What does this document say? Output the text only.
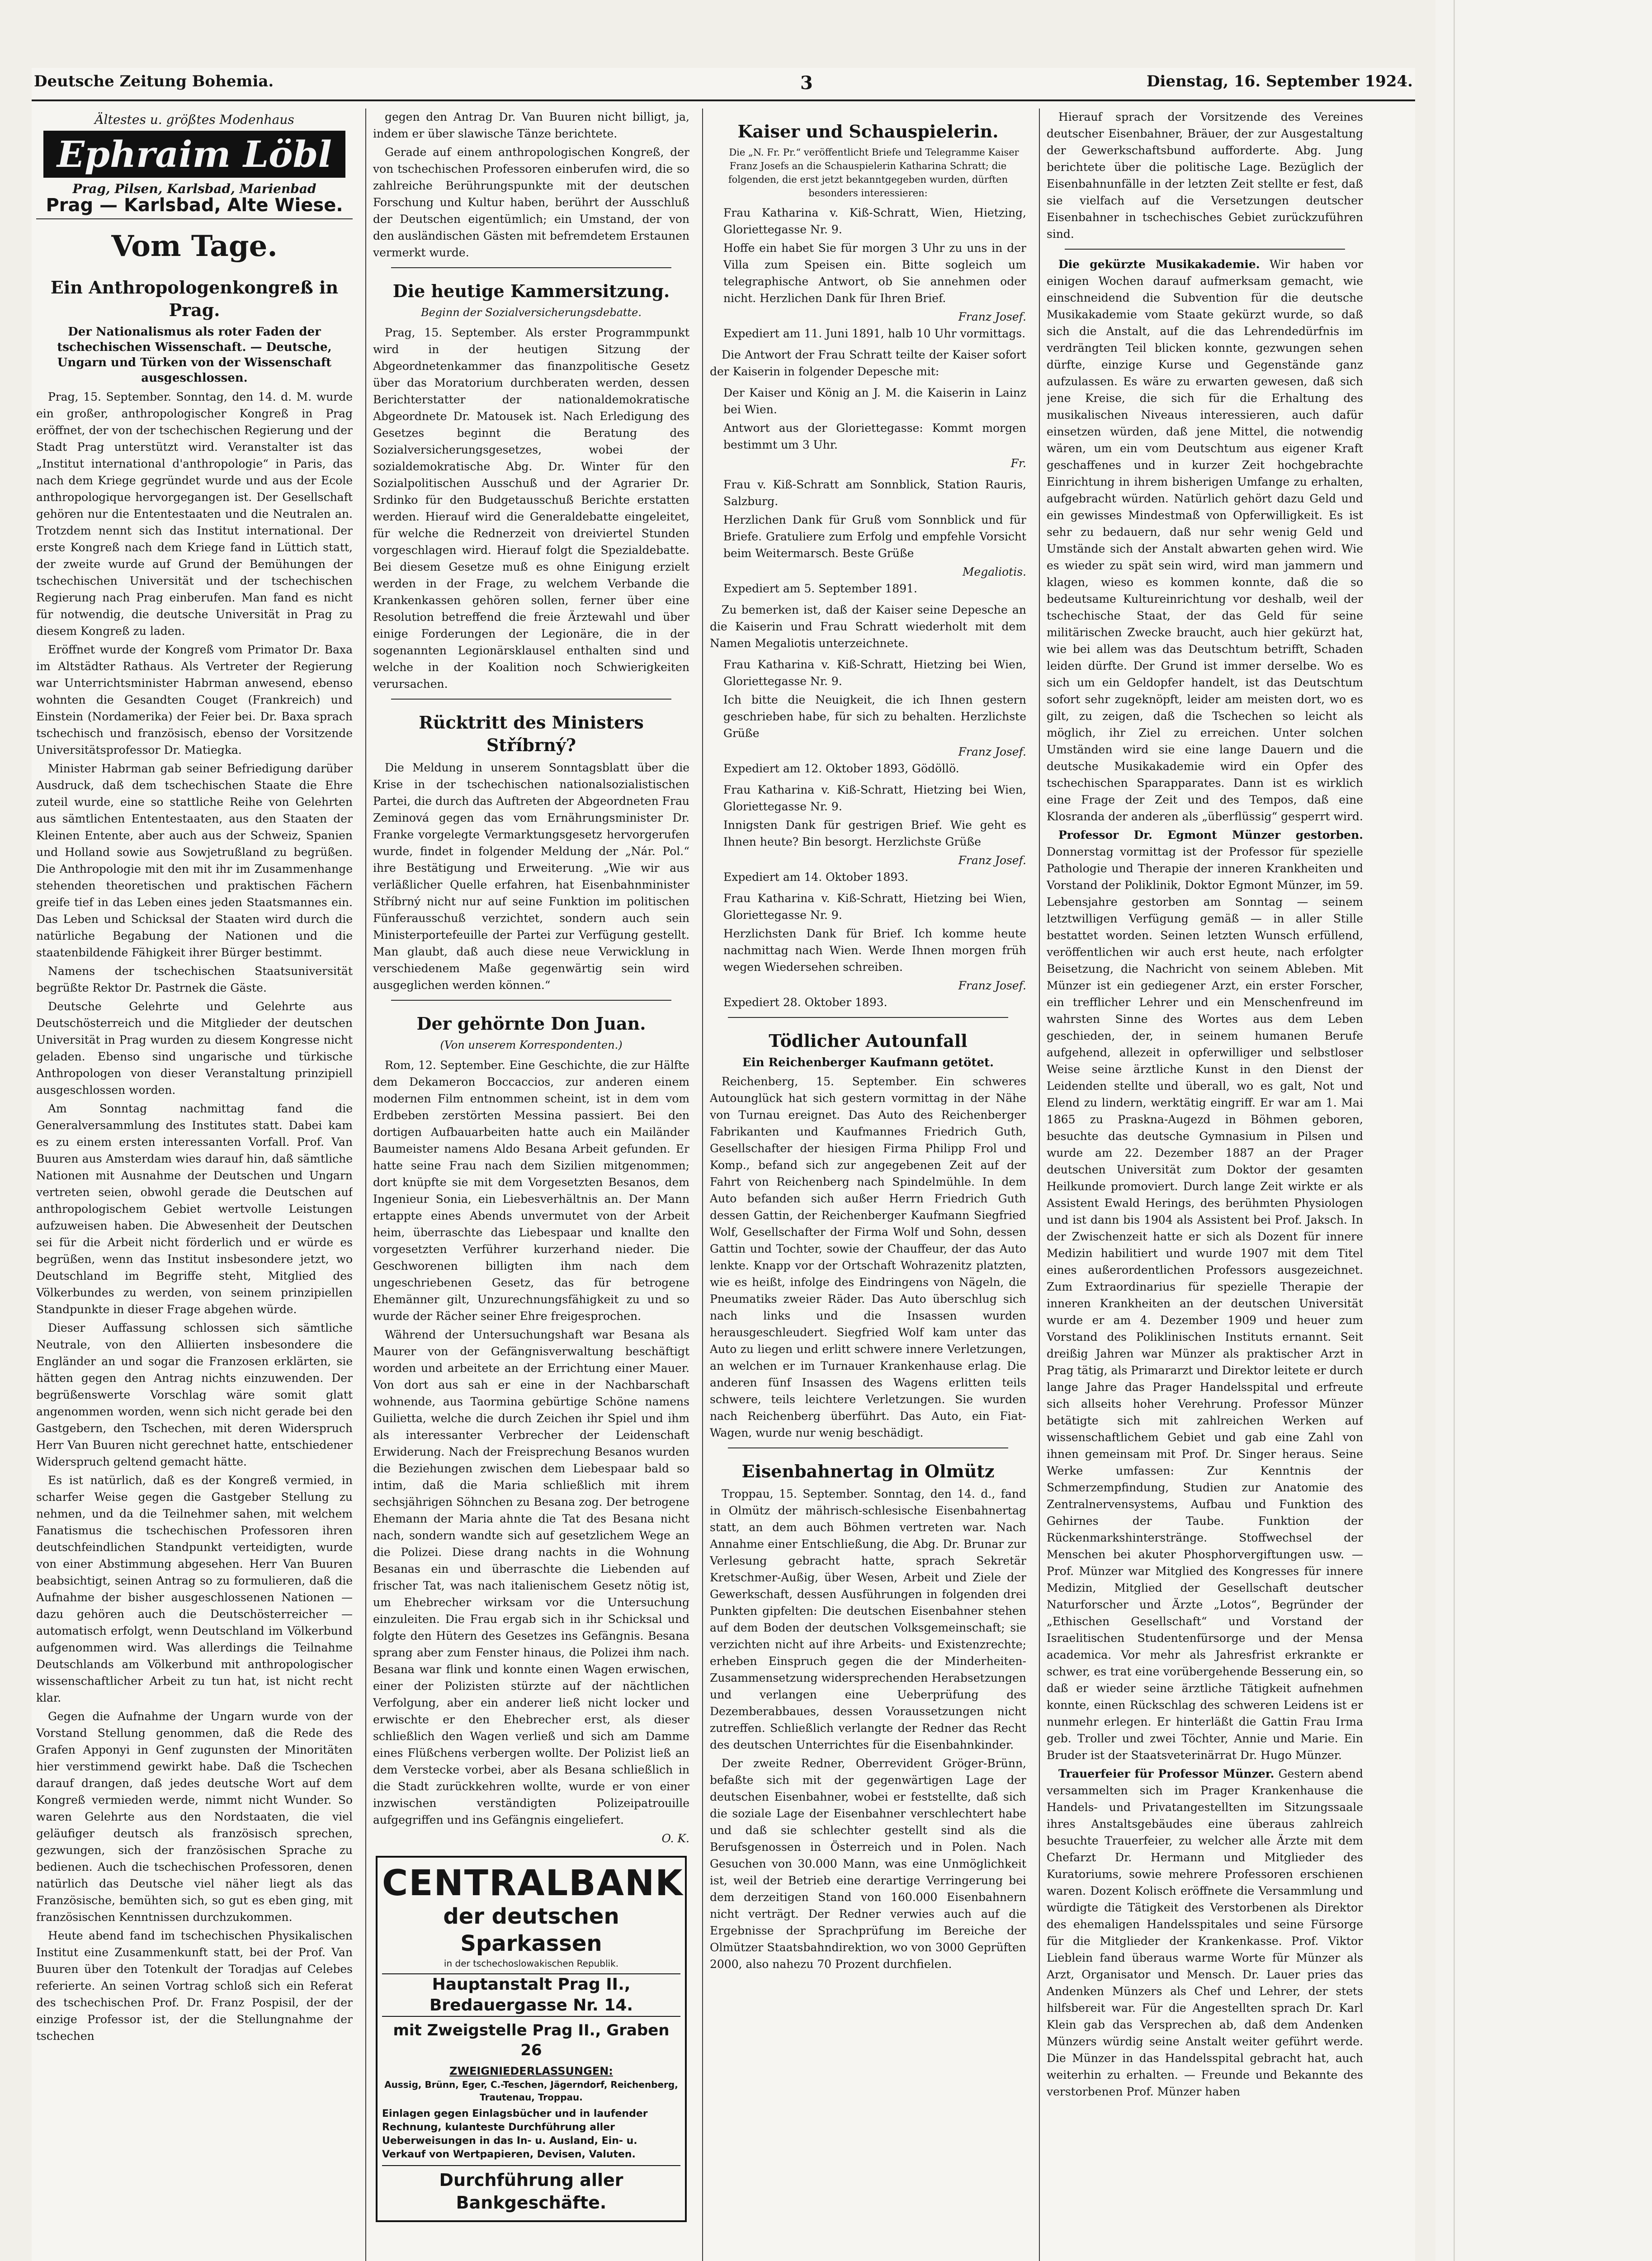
Deutsche Zeitung Bohemia.	3	Dienstag, 16. September 1924.
Ältestes u. größtes Modenhaus
Ephraim Löbl
Prag, Pilsen, Karlsbad, Marienbad
Prag — Karlsbad, Alte Wiese.
Vom Tage.
Ein Anthropologenkongreß in Prag.
Der Nationalismus als roter Faden der tschechischen Wissenschaft. — Deutsche, Ungarn und Türken von der Wissenschaft ausgeschlossen.

Prag, 15. September. Sonntag, den 14. d. M. wurde ein großer, anthropologischer Kongreß in Prag eröffnet, der von der tschechischen Regierung und der Stadt Prag unterstützt wird. Veranstalter ist das „Institut international d'anthropologie“ in Paris, das nach dem Kriege gegründet wurde und aus der Ecole anthropologique hervorgegangen ist. Der Gesellschaft gehören nur die Ententestaaten und die Neutralen an. Trotzdem nennt sich das Institut international. Der erste Kongreß nach dem Kriege fand in Lüttich statt, der zweite wurde auf Grund der Bemühungen der tschechischen Universität und der tschechischen Regierung nach Prag einberufen. Man fand es nicht für notwendig, die deutsche Universität in Prag zu diesem Kongreß zu laden.

Eröffnet wurde der Kongreß vom Primator Dr. Baxa im Altstädter Rathaus. Als Vertreter der Regierung war Unterrichtsminister Habrman anwesend, ebenso wohnten die Gesandten Couget (Frankreich) und Einstein (Nordamerika) der Feier bei. Dr. Baxa sprach tschechisch und französisch, ebenso der Vorsitzende Universitätsprofessor Dr. Matiegka.

Minister Habrman gab seiner Befriedigung darüber Ausdruck, daß dem tschechischen Staate die Ehre zuteil wurde, eine so stattliche Reihe von Gelehrten aus sämtlichen Ententestaaten, aus den Staaten der Kleinen Entente, aber auch aus der Schweiz, Spanien und Holland sowie aus Sowjetrußland zu begrüßen. Die Anthropologie mit den mit ihr im Zusammenhange stehenden theoretischen und praktischen Fächern greife tief in das Leben eines jeden Staatsmannes ein. Das Leben und Schicksal der Staaten wird durch die natürliche Begabung der Nationen und die staatenbildende Fähigkeit ihrer Bürger bestimmt.

Namens der tschechischen Staatsuniversität begrüßte Rektor Dr. Pastrnek die Gäste.

Deutsche Gelehrte und Gelehrte aus Deutschösterreich und die Mitglieder der deutschen Universität in Prag wurden zu diesem Kongresse nicht geladen. Ebenso sind ungarische und türkische Anthropologen von dieser Veranstaltung prinzipiell ausgeschlossen worden.

Am Sonntag nachmittag fand die Generalversammlung des Institutes statt. Dabei kam es zu einem ersten interessanten Vorfall. Prof. Van Buuren aus Amsterdam wies darauf hin, daß sämtliche Nationen mit Ausnahme der Deutschen und Ungarn vertreten seien, obwohl gerade die Deutschen auf anthropologischem Gebiet wertvolle Leistungen aufzuweisen haben. Die Abwesenheit der Deutschen sei für die Arbeit nicht förderlich und er würde es begrüßen, wenn das Institut insbesondere jetzt, wo Deutschland im Begriffe steht, Mitglied des Völkerbundes zu werden, von seinem prinzipiellen Standpunkte in dieser Frage abgehen würde.

Dieser Auffassung schlossen sich sämtliche Neutrale, von den Alliierten insbesondere die Engländer an und sogar die Franzosen erklärten, sie hätten gegen den Antrag nichts einzuwenden. Der begrüßenswerte Vorschlag wäre somit glatt angenommen worden, wenn sich nicht gerade bei den Gastgebern, den Tschechen, mit deren Widerspruch Herr Van Buuren nicht gerechnet hatte, entschiedener Widerspruch geltend gemacht hätte.

Es ist natürlich, daß es der Kongreß vermied, in scharfer Weise gegen die Gastgeber Stellung zu nehmen, und da die Teilnehmer sahen, mit welchem Fanatismus die tschechischen Professoren ihren deutschfeindlichen Standpunkt verteidigten, wurde von einer Abstimmung abgesehen. Herr Van Buuren beabsichtigt, seinen Antrag so zu formulieren, daß die Aufnahme der bisher ausgeschlossenen Nationen — dazu gehören auch die Deutschösterreicher — automatisch erfolgt, wenn Deutschland im Völkerbund aufgenommen wird. Was allerdings die Teilnahme Deutschlands am Völkerbund mit anthropologischer wissenschaftlicher Arbeit zu tun hat, ist nicht recht klar.

Gegen die Aufnahme der Ungarn wurde von der Vorstand Stellung genommen, daß die Rede des Grafen Apponyi in Genf zugunsten der Minoritäten hier verstimmend gewirkt habe. Daß die Tschechen darauf drangen, daß jedes deutsche Wort auf dem Kongreß vermieden werde, nimmt nicht Wunder. So waren Gelehrte aus den Nordstaaten, die viel geläufiger deutsch als französisch sprechen, gezwungen, sich der französischen Sprache zu bedienen. Auch die tschechischen Professoren, denen natürlich das Deutsche viel näher liegt als das Französische, bemühten sich, so gut es eben ging, mit französischen Kenntnissen durchzukommen.

Heute abend fand im tschechischen Physikalischen Institut eine Zusammenkunft statt, bei der Prof. Van Buuren über den Totenkult der Toradjas auf Celebes referierte. An seinen Vortrag schloß sich ein Referat des tschechischen Prof. Dr. Franz Pospisil, der der einzige Professor ist, der die Stellungnahme der tschechen

gegen den Antrag Dr. Van Buuren nicht billigt, ja, indem er über slawische Tänze berichtete.

Gerade auf einem anthropologischen Kongreß, der von tschechischen Professoren einberufen wird, die so zahlreiche Berührungspunkte mit der deutschen Forschung und Kultur haben, berührt der Ausschluß der Deutschen eigentümlich; ein Umstand, der von den ausländischen Gästen mit befremdetem Erstaunen vermerkt wurde.

Die heutige Kammersitzung.
Beginn der Sozialversicherungsdebatte.

Prag, 15. September. Als erster Programmpunkt wird in der heutigen Sitzung der Abgeordnetenkammer das finanzpolitische Gesetz über das Moratorium durchberaten werden, dessen Berichterstatter der nationaldemokratische Abgeordnete Dr. Matousek ist. Nach Erledigung des Gesetzes beginnt die Beratung des Sozialversicherungsgesetzes, wobei der sozialdemokratische Abg. Dr. Winter für den Sozialpolitischen Ausschuß und der Agrarier Dr. Srdinko für den Budgetausschuß Berichte erstatten werden. Hierauf wird die Generaldebatte eingeleitet, für welche die Rednerzeit von dreiviertel Stunden vorgeschlagen wird. Hierauf folgt die Spezialdebatte. Bei diesem Gesetze muß es ohne Einigung erzielt werden in der Frage, zu welchem Verbande die Krankenkassen gehören sollen, ferner über eine Resolution betreffend die freie Ärztewahl und über einige Forderungen der Legionäre, die in der sogenannten Legionärsklausel enthalten sind und welche in der Koalition noch Schwierigkeiten verursachen.

Rücktritt des Ministers Stříbrný?

Die Meldung in unserem Sonntagsblatt über die Krise in der tschechischen nationalsozialistischen Partei, die durch das Auftreten der Abgeordneten Frau Zeminová gegen das vom Ernährungsminister Dr. Franke vorgelegte Vermarktungsgesetz hervorgerufen wurde, findet in folgender Meldung der „Nár. Pol.“ ihre Bestätigung und Erweiterung. „Wie wir aus verläßlicher Quelle erfahren, hat Eisenbahnminister Stříbrný nicht nur auf seine Funktion im politischen Fünferausschuß verzichtet, sondern auch sein Ministerportefeuille der Partei zur Verfügung gestellt. Man glaubt, daß auch diese neue Verwicklung in verschiedenem Maße gegenwärtig sein wird ausgeglichen werden können.“

Der gehörnte Don Juan.
(Von unserem Korrespondenten.)

Rom, 12. September. Eine Geschichte, die zur Hälfte dem Dekameron Boccaccios, zur anderen einem modernen Film entnommen scheint, ist in dem vom Erdbeben zerstörten Messina passiert. Bei den dortigen Aufbauarbeiten hatte auch ein Mailänder Baumeister namens Aldo Besana Arbeit gefunden. Er hatte seine Frau nach dem Sizilien mitgenommen; dort knüpfte sie mit dem Vorgesetzten Besanos, dem Ingenieur Sonia, ein Liebesverhältnis an. Der Mann ertappte eines Abends unvermutet von der Arbeit heim, überraschte das Liebespaar und knallte den vorgesetzten Verführer kurzerhand nieder. Die Geschworenen billigten ihm nach dem ungeschriebenen Gesetz, das für betrogene Ehemänner gilt, Unzurechnungsfähigkeit zu und so wurde der Rächer seiner Ehre freigesprochen.

Während der Untersuchungshaft war Besana als Maurer von der Gefängnisverwaltung beschäftigt worden und arbeitete an der Errichtung einer Mauer. Von dort aus sah er eine in der Nachbarschaft wohnende, aus Taormina gebürtige Schöne namens Guilietta, welche die durch Zeichen ihr Spiel und ihm als interessanter Verbrecher der Leidenschaft Erwiderung. Nach der Freisprechung Besanos wurden die Beziehungen zwischen dem Liebespaar bald so intim, daß die Maria schließlich mit ihrem sechsjährigen Söhnchen zu Besana zog. Der betrogene Ehemann der Maria ahnte die Tat des Besana nicht nach, sondern wandte sich auf gesetzlichem Wege an die Polizei. Diese drang nachts in die Wohnung Besanas ein und überraschte die Liebenden auf frischer Tat, was nach italienischem Gesetz nötig ist, um Ehebrecher wirksam vor die Untersuchung einzuleiten. Die Frau ergab sich in ihr Schicksal und folgte den Hütern des Gesetzes ins Gefängnis. Besana sprang aber zum Fenster hinaus, die Polizei ihm nach. Besana war flink und konnte einen Wagen erwischen, einer der Polizisten stürzte auf der nächtlichen Verfolgung, aber ein anderer ließ nicht locker und erwischte er den Ehebrecher erst, als dieser schließlich den Wagen verließ und sich am Damme eines Flüßchens verbergen wollte. Der Polizist ließ an dem Verstecke vorbei, aber als Besana schließlich in die Stadt zurückkehren wollte, wurde er von einer inzwischen verständigten Polizeipatrouille aufgegriffen und ins Gefängnis eingeliefert.

O. K.
CENTRALBANK
der deutschen Sparkassen
in der tschechoslowakischen Republik.
Hauptanstalt Prag II., Bredauergasse Nr. 14.
mit Zweigstelle Prag II., Graben 26
ZWEIGNIEDERLASSUNGEN:
Aussig, Brünn, Eger, C.-Teschen, Jägerndorf, Reichenberg, Trautenau, Troppau.
Einlagen gegen Einlagsbücher und in laufender Rechnung, kulanteste Durchführung aller Ueberweisungen in das In- u. Ausland, Ein- u. Verkauf von Wertpapieren, Devisen, Valuten.
Durchführung aller Bankgeschäfte.
Kaiser und Schauspielerin.

Die „N. Fr. Pr.“ veröffentlicht Briefe und Telegramme Kaiser Franz Josefs an die Schauspielerin Katharina Schratt; die folgenden, die erst jetzt bekanntgegeben wurden, dürften besonders interessieren:

Frau Katharina v. Kiß-Schratt, Wien, Hietzing, Gloriettegasse Nr. 9.

Hoffe ein habet Sie für morgen 3 Uhr zu uns in der Villa zum Speisen ein. Bitte sogleich um telegraphische Antwort, ob Sie annehmen oder nicht. Herzlichen Dank für Ihren Brief.

Franz Josef.

Expediert am 11. Juni 1891, halb 10 Uhr vormittags.

Die Antwort der Frau Schratt teilte der Kaiser sofort der Kaiserin in folgender Depesche mit:

Der Kaiser und König an J. M. die Kaiserin in Lainz bei Wien.

Antwort aus der Gloriettegasse: Kommt morgen bestimmt um 3 Uhr.

Fr.

Frau v. Kiß-Schratt am Sonnblick, Station Rauris, Salzburg.

Herzlichen Dank für Gruß vom Sonnblick und für Briefe. Gratuliere zum Erfolg und empfehle Vorsicht beim Weitermarsch. Beste Grüße

Megaliotis.

Expediert am 5. September 1891.

Zu bemerken ist, daß der Kaiser seine Depesche an die Kaiserin und Frau Schratt wiederholt mit dem Namen Megaliotis unterzeichnete.

Frau Katharina v. Kiß-Schratt, Hietzing bei Wien, Gloriettegasse Nr. 9.

Ich bitte die Neuigkeit, die ich Ihnen gestern geschrieben habe, für sich zu behalten. Herzlichste Grüße

Franz Josef.

Expediert am 12. Oktober 1893, Gödöllö.

Frau Katharina v. Kiß-Schratt, Hietzing bei Wien, Gloriettegasse Nr. 9.

Innigsten Dank für gestrigen Brief. Wie geht es Ihnen heute? Bin besorgt. Herzlichste Grüße

Franz Josef.

Expediert am 14. Oktober 1893.

Frau Katharina v. Kiß-Schratt, Hietzing bei Wien, Gloriettegasse Nr. 9.

Herzlichsten Dank für Brief. Ich komme heute nachmittag nach Wien. Werde Ihnen morgen früh wegen Wiedersehen schreiben.

Franz Josef.

Expediert 28. Oktober 1893.

Tödlicher Autounfall
Ein Reichenberger Kaufmann getötet.

Reichenberg, 15. September. Ein schweres Autounglück hat sich gestern vormittag in der Nähe von Turnau ereignet. Das Auto des Reichenberger Fabrikanten und Kaufmannes Friedrich Guth, Gesellschafter der hiesigen Firma Philipp Frol und Komp., befand sich zur angegebenen Zeit auf der Fahrt von Reichenberg nach Spindelmühle. In dem Auto befanden sich außer Herrn Friedrich Guth dessen Gattin, der Reichenberger Kaufmann Siegfried Wolf, Gesellschafter der Firma Wolf und Sohn, dessen Gattin und Tochter, sowie der Chauffeur, der das Auto lenkte. Knapp vor der Ortschaft Wohrazenitz platzten, wie es heißt, infolge des Eindringens von Nägeln, die Pneumatiks zweier Räder. Das Auto überschlug sich nach links und die Insassen wurden herausgeschleudert. Siegfried Wolf kam unter das Auto zu liegen und erlitt schwere innere Verletzungen, an welchen er im Turnauer Krankenhause erlag. Die anderen fünf Insassen des Wagens erlitten teils schwere, teils leichtere Verletzungen. Sie wurden nach Reichenberg überführt. Das Auto, ein Fiat-Wagen, wurde nur wenig beschädigt.

Eisenbahnertag in Olmütz

Troppau, 15. September. Sonntag, den 14. d., fand in Olmütz der mährisch-schlesische Eisenbahnertag statt, an dem auch Böhmen vertreten war. Nach Annahme einer Entschließung, die Abg. Dr. Brunar zur Verlesung gebracht hatte, sprach Sekretär Kretschmer-Außig, über Wesen, Arbeit und Ziele der Gewerkschaft, dessen Ausführungen in folgenden drei Punkten gipfelten: Die deutschen Eisenbahner stehen auf dem Boden der deutschen Volksgemeinschaft; sie verzichten nicht auf ihre Arbeits- und Existenzrechte; erheben Einspruch gegen die der Minderheiten-Zusammensetzung widersprechenden Herabsetzungen und verlangen eine Ueberprüfung des Dezemberabbaues, dessen Voraussetzungen nicht zutreffen. Schließlich verlangte der Redner das Recht des deutschen Unterrichtes für die Eisenbahnkinder.

Der zweite Redner, Oberrevident Gröger-Brünn, befaßte sich mit der gegenwärtigen Lage der deutschen Eisenbahner, wobei er feststellte, daß sich die soziale Lage der Eisenbahner verschlechtert habe und daß sie schlechter gestellt sind als die Berufsgenossen in Österreich und in Polen. Nach Gesuchen von 30.000 Mann, was eine Unmöglichkeit ist, weil der Betrieb eine derartige Verringerung bei dem derzeitigen Stand von 160.000 Eisenbahnern nicht verträgt. Der Redner verwies auch auf die Ergebnisse der Sprachprüfung im Bereiche der Olmützer Staatsbahndirektion, wo von 3000 Geprüften 2000, also nahezu 70 Prozent durchfielen.

Hierauf sprach der Vorsitzende des Vereines deutscher Eisenbahner, Bräuer, der zur Ausgestaltung der Gewerkschaftsbund aufforderte. Abg. Jung berichtete über die politische Lage. Bezüglich der Eisenbahnunfälle in der letzten Zeit stellte er fest, daß sie vielfach auf die Versetzungen deutscher Eisenbahner in tschechisches Gebiet zurückzuführen sind.

Die gekürzte Musikakademie. Wir haben vor einigen Wochen darauf aufmerksam gemacht, wie einschneidend die Subvention für die deutsche Musikakademie vom Staate gekürzt wurde, so daß sich die Anstalt, auf die das Lehrendedürfnis im verdrängten Teil blicken konnte, gezwungen sehen dürfte, einzige Kurse und Gegenstände ganz aufzulassen. Es wäre zu erwarten gewesen, daß sich jene Kreise, die sich für die Erhaltung des musikalischen Niveaus interessieren, auch dafür einsetzen würden, daß jene Mittel, die notwendig wären, um ein vom Deutschtum aus eigener Kraft geschaffenes und in kurzer Zeit hochgebrachte Einrichtung in ihrem bisherigen Umfange zu erhalten, aufgebracht würden. Natürlich gehört dazu Geld und ein gewisses Mindestmaß von Opferwilligkeit. Es ist sehr zu bedauern, daß nur sehr wenig Geld und Umstände sich der Anstalt abwarten gehen wird. Wie es wieder zu spät sein wird, wird man jammern und klagen, wieso es kommen konnte, daß die so bedeutsame Kultureinrichtung vor deshalb, weil der tschechische Staat, der das Geld für seine militärischen Zwecke braucht, auch hier gekürzt hat, wie bei allem was das Deutschtum betrifft, Schaden leiden dürfte. Der Grund ist immer derselbe. Wo es sich um ein Geldopfer handelt, ist das Deutschtum sofort sehr zugeknöpft, leider am meisten dort, wo es gilt, zu zeigen, daß die Tschechen so leicht als möglich, ihr Ziel zu erreichen. Unter solchen Umständen wird sie eine lange Dauern und die deutsche Musikakademie wird ein Opfer des tschechischen Sparapparates. Dann ist es wirklich eine Frage der Zeit und des Tempos, daß eine Klosranda der anderen als „überflüssig“ gesperrt wird.

Professor Dr. Egmont Münzer gestorben. Donnerstag vormittag ist der Professor für spezielle Pathologie und Therapie der inneren Krankheiten und Vorstand der Poliklinik, Doktor Egmont Münzer, im 59. Lebensjahre gestorben am Sonntag — seinem letztwilligen Verfügung gemäß — in aller Stille bestattet worden. Seinen letzten Wunsch erfüllend, veröffentlichen wir auch erst heute, nach erfolgter Beisetzung, die Nachricht von seinem Ableben. Mit Münzer ist ein gediegener Arzt, ein erster Forscher, ein trefflicher Lehrer und ein Menschenfreund im wahrsten Sinne des Wortes aus dem Leben geschieden, der, in seinem humanen Berufe aufgehend, allezeit in opferwilliger und selbstloser Weise seine ärztliche Kunst in den Dienst der Leidenden stellte und überall, wo es galt, Not und Elend zu lindern, werktätig eingriff. Er war am 1. Mai 1865 zu Praskna-Augezd in Böhmen geboren, besuchte das deutsche Gymnasium in Pilsen und wurde am 22. Dezember 1887 an der Prager deutschen Universität zum Doktor der gesamten Heilkunde promoviert. Durch lange Zeit wirkte er als Assistent Ewald Herings, des berühmten Physiologen und ist dann bis 1904 als Assistent bei Prof. Jaksch. In der Zwischenzeit hatte er sich als Dozent für innere Medizin habilitiert und wurde 1907 mit dem Titel eines außerordentlichen Professors ausgezeichnet. Zum Extraordinarius für spezielle Therapie der inneren Krankheiten an der deutschen Universität wurde er am 4. Dezember 1909 und heuer zum Vorstand des Poliklinischen Instituts ernannt. Seit dreißig Jahren war Münzer als praktischer Arzt in Prag tätig, als Primararzt und Direktor leitete er durch lange Jahre das Prager Handelsspital und erfreute sich allseits hoher Verehrung. Professor Münzer betätigte sich mit zahlreichen Werken auf wissenschaftlichem Gebiet und gab eine Zahl von ihnen gemeinsam mit Prof. Dr. Singer heraus. Seine Werke umfassen: Zur Kenntnis der Schmerzempfindung, Studien zur Anatomie des Zentralnervensystems, Aufbau und Funktion des Gehirnes der Taube. Funktion der Rückenmarkshinterstränge. Stoffwechsel der Menschen bei akuter Phosphorvergiftungen usw. — Prof. Münzer war Mitglied des Kongresses für innere Medizin, Mitglied der Gesellschaft deutscher Naturforscher und Ärzte „Lotos“, Begründer der „Ethischen Gesellschaft“ und Vorstand der Israelitischen Studentenfürsorge und der Mensa academica. Vor mehr als Jahresfrist erkrankte er schwer, es trat eine vorübergehende Besserung ein, so daß er wieder seine ärztliche Tätigkeit aufnehmen konnte, einen Rückschlag des schweren Leidens ist er nunmehr erlegen. Er hinterläßt die Gattin Frau Irma geb. Troller und zwei Töchter, Annie und Marie. Ein Bruder ist der Staatsveterinärrat Dr. Hugo Münzer.

Trauerfeier für Professor Münzer. Gestern abend versammelten sich im Prager Krankenhause die Handels- und Privatangestellten im Sitzungssaale ihres Anstaltsgebäudes eine überaus zahlreich besuchte Trauerfeier, zu welcher alle Ärzte mit dem Chefarzt Dr. Hermann und Mitglieder des Kuratoriums, sowie mehrere Professoren erschienen waren. Dozent Kolisch eröffnete die Versammlung und würdigte die Tätigkeit des Verstorbenen als Direktor des ehemaligen Handelsspitales und seine Fürsorge für die Mitglieder der Krankenkasse. Prof. Viktor Lieblein fand überaus warme Worte für Münzer als Arzt, Organisator und Mensch. Dr. Lauer pries das Andenken Münzers als Chef und Lehrer, der stets hilfsbereit war. Für die Angestellten sprach Dr. Karl Klein gab das Versprechen ab, daß dem Andenken Münzers würdig seine Anstalt weiter geführt werde. Die Münzer in das Handelsspital gebracht hat, auch weiterhin zu erhalten. — Freunde und Bekannte des verstorbenen Prof. Münzer haben
